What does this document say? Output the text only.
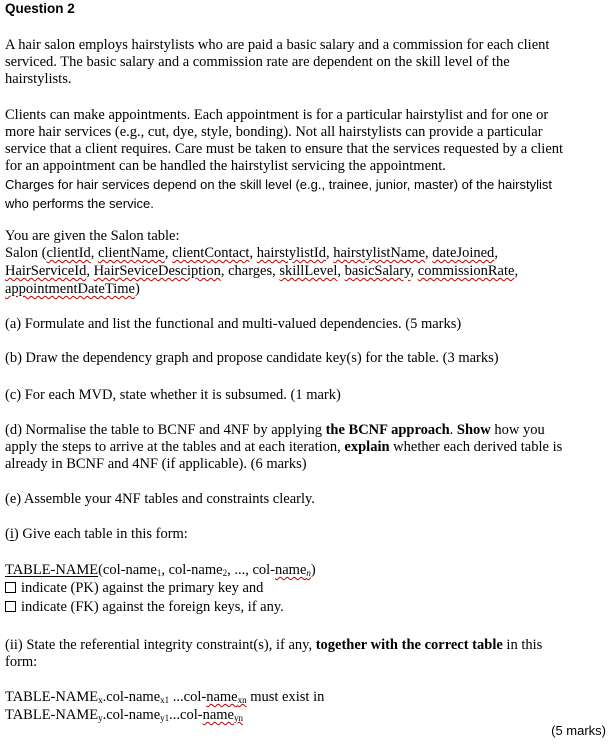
Question 2
A hair salon employs hairstylists who are paid a basic salary and a commission for each client
serviced. The basic salary and a commission rate are dependent on the skill level of the
hairstylists.
Clients can make appointments. Each appointment is for a particular hairstylist and for one or
more hair services (e.g., cut, dye, style, bonding). Not all hairstylists can provide a particular
service that a client requires. Care must be taken to ensure that the services requested by a client
for an appointment can be handled the hairstylist servicing the appointment.
Charges for hair services depend on the skill level (e.g., trainee, junior, master) of the hairstylist
who performs the service.
You are given the Salon table:
Salon (clientId, clientName, clientContact, hairstylistId, hairstylistName, dateJoined,
HairServiceId, HairSeviceDesciption, charges, skillLevel, basicSalary, commissionRate,
appointmentDateTime)
(a) Formulate and list the functional and multi-valued dependencies. (5 marks)
(b) Draw the dependency graph and propose candidate key(s) for the table. (3 marks)
(c) For each MVD, state whether it is subsumed. (1 mark)
(d) Normalise the table to BCNF and 4NF by applying the BCNF approach. Show how you
apply the steps to arrive at the tables and at each iteration, explain whether each derived table is
already in BCNF and 4NF (if applicable). (6 marks)
(e) Assemble your 4NF tables and constraints clearly.
(i) Give each table in this form:
TABLE-NAME(col-name$_1$, col-name$_2$, ..., col-name$_n$)
indicate (PK) against the primary key and
indicate (FK) against the foreign keys, if any.
(ii) State the referential integrity constraint(s), if any, together with the correct table in this
form:
TABLE-$NAME_x.col-name_{x1}$ ...col-name$_{xn}$ must exist in
TABLE-$NAME_y.col-name_{y1}...col-name_{yn}$
(5 marks)
